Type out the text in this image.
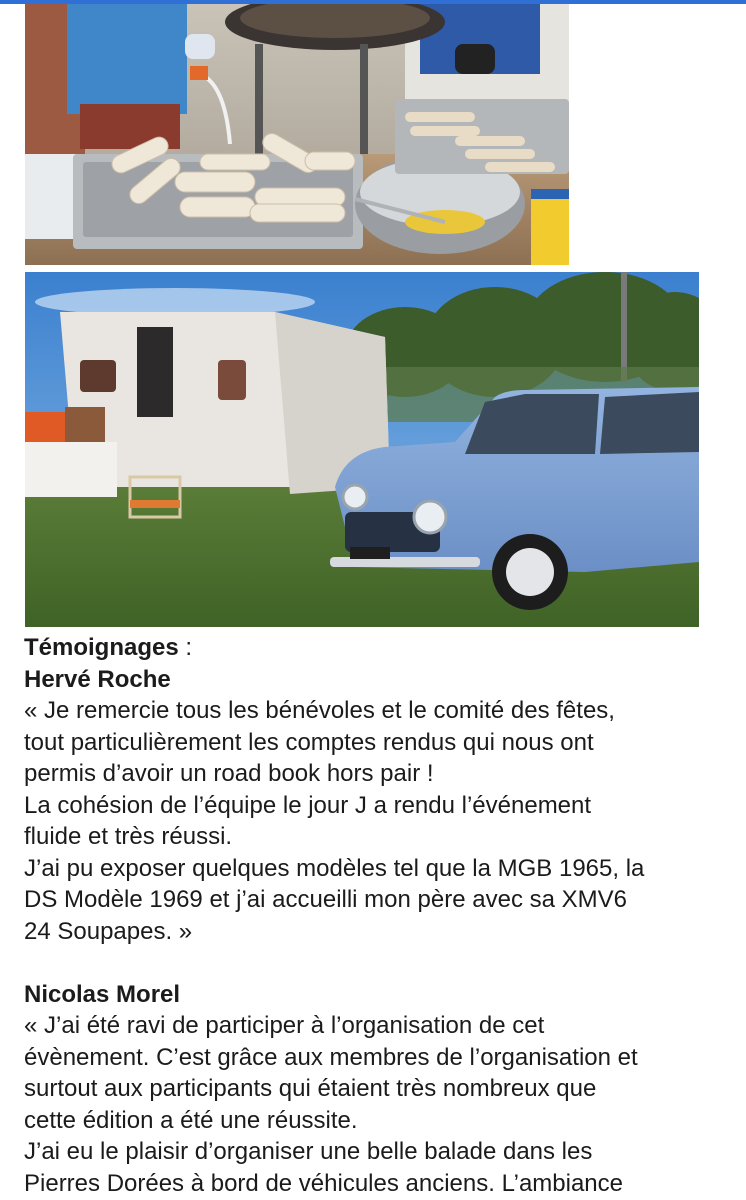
Témoignages :

Hervé Roche

« Je remercie tous les bénévoles et le comité des fêtes,

tout particulièrement les comptes rendus qui nous ont

permis d’avoir un road book hors pair !

La cohésion de l’équipe le jour J a rendu l’événement

fluide et très réussi.

J’ai pu exposer quelques modèles tel que la MGB 1965, la

DS Modèle 1969 et j’ai accueilli mon père avec sa XMV6

24 Soupapes. »

Nicolas Morel

« J’ai été ravi de participer à l’organisation de cet

évènement. C’est grâce aux membres de l’organisation et

surtout aux participants qui étaient très nombreux que

cette édition a été une réussite.

J’ai eu le plaisir d’organiser une belle balade dans les

Pierres Dorées à bord de véhicules anciens. L’ambiance
